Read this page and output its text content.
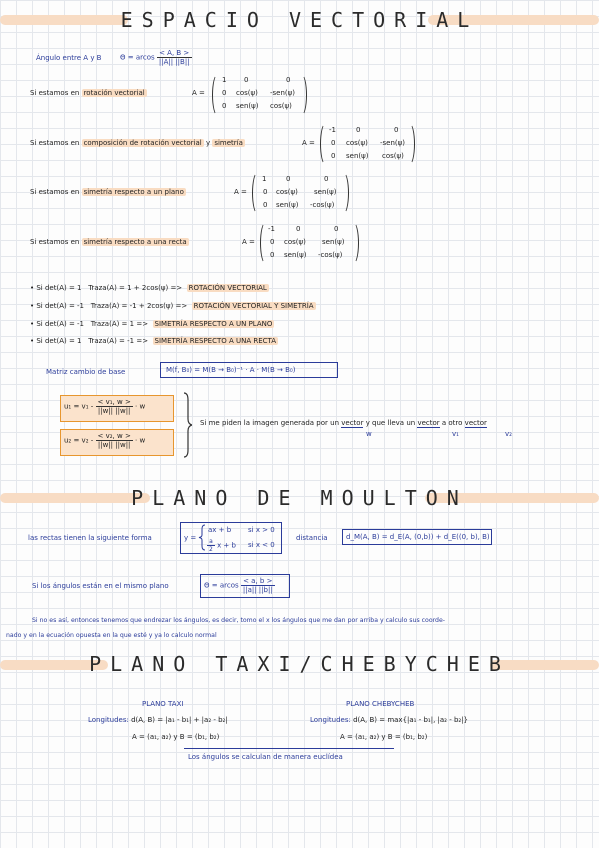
ESPACIO VECTORIAL
Ángulo entre A y B	Θ = arcos $\frac{< A, B >}{||A|| ||B||}$
Si estamos en rotación vectorial	A =
1	0	0
0 cos(ψ) -sen(ψ)
0 sen(ψ) cos(ψ)
Si estamos en composición de rotación vectorial y simetría	A =
-1	0	0
0 cos(ψ) -sen(ψ)
0 sen(ψ) cos(ψ)
Si estamos en simetría respecto a un plano	A =
1	0	0
0 cos(ψ) sen(ψ)
0 sen(ψ) -cos(ψ)
Si estamos en simetría respecto a una recta	A =
-1	0	0
0 cos(ψ) sen(ψ)
0 sen(ψ) -cos(ψ)
• Si det(A) = 1 Traza(A) = 1 + 2cos(ψ) => ROTACIÓN VECTORIAL
• Si det(A) = -1 Traza(A) = -1 + 2cos(ψ) => ROTACIÓN VECTORIAL Y SIMETRÍA
• Si det(A) = -1 Traza(A) = 1 => SIMETRÍA RESPECTO A UN PLANO
• Si det(A) = 1 Traza(A) = -1 => SIMETRÍA RESPECTO A UNA RECTA
Matriz cambio de base	M(f, B₀) = M(B → B₀)⁻¹ · A · M(B → B₀)
$u_1 = v_1 - \frac{\text{< v₁, w >}}{||w|| ||w||} \cdot w$
$u_2 = v_2 - \frac{\text{< v₂, w >}}{||w|| ||w||} \cdot w$
Si me piden la imagen generada por un vector y que lleva un vector a otro vector
w	v₁	v₂
PLANO DE MOULTON
las rectas tienen la siguiente forma	y =
ax + b si x > 0
$\frac{a}{2}$ x + b si x < 0
distancia	d_M(A, B) = d_E(A, (0,b)) + d_E((0, b), B)
Si los ángulos están en el mismo plano	Θ = arcos $\frac{< a, b >}{||a|| ||b||}$
Si no es así, entonces tenemos que endrezar los ángulos, es decir, tomo el x los ángulos que me dan por arriba y calculo sus coorde-
nado y en la ecuación opuesta en la que esté y ya lo calculo normal
PLANO TAXI/CHEBYCHEB
PLANO TAXI	PLANO CHEBYCHEB
Longitudes: d(A, B) = |a₁ - b₁| + |a₂ - b₂|	Longitudes: d(A, B) = max{|a₁ - b₁|, |a₂ - b₂|}
A = (a₁, a₂) y B = (b₁, b₂)	A = (a₁, a₂) y B = (b₁, b₂)
Los ángulos se calculan de manera euclídea
